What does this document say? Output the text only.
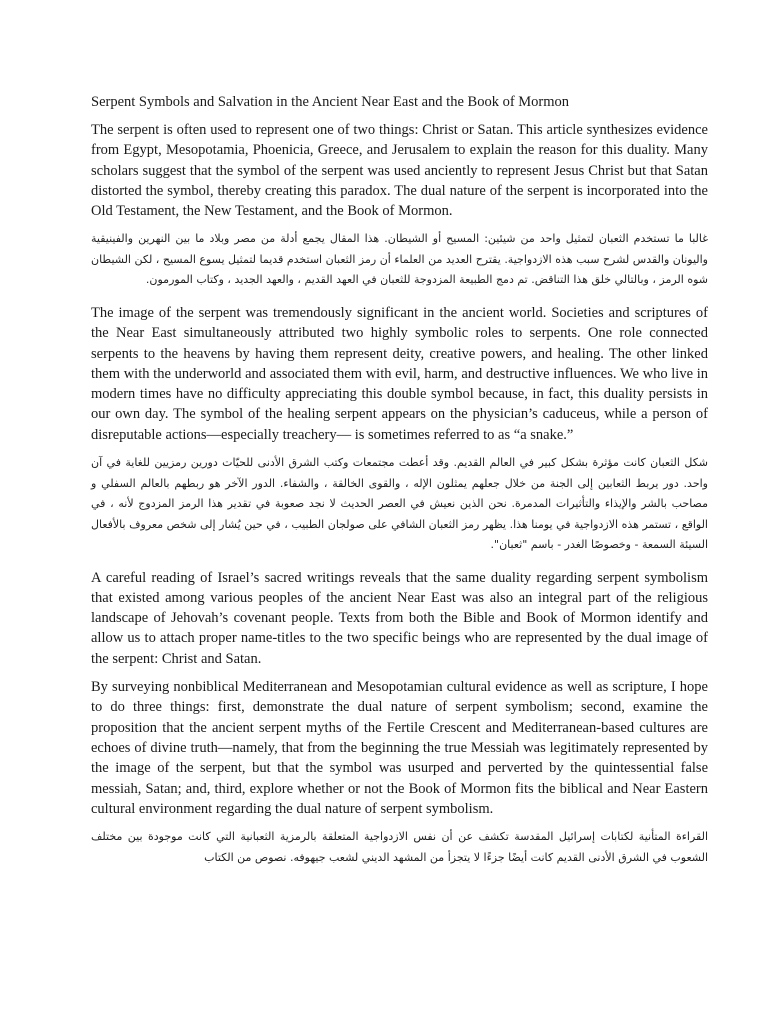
Serpent Symbols and Salvation in the Ancient Near East and the Book of Mormon

The serpent is often used to represent one of two things: Christ or Satan. This article synthesizes evidence from Egypt, Mesopotamia, Phoenicia, Greece, and Jerusalem to explain the reason for this duality. Many scholars suggest that the symbol of the serpent was used anciently to represent Jesus Christ but that Satan distorted the symbol, thereby creating this paradox. The dual nature of the serpent is incorporated into the Old Testament, the New Testament, and the Book of Mormon.

غالبا ما تستخدم الثعبان لتمثيل واحد من شيئين: المسيح أو الشيطان. هذا المقال يجمع أدلة من مصر وبلاد ما بين النهرين والفينيقية واليونان والقدس لشرح سبب هذه الازدواجية. يقترح العديد من العلماء أن رمز الثعبان استخدم قديما لتمثيل يسوع المسيح ، لكن الشيطان شوه الرمز ، وبالتالي خلق هذا التناقض. تم دمج الطبيعة المزدوجة للثعبان في العهد القديم ، والعهد الجديد ، وكتاب المورمون.

The image of the serpent was tremendously significant in the ancient world. Societies and scriptures of the Near East simultaneously attributed two highly symbolic roles to serpents. One role connected serpents to the heavens by having them represent deity, creative powers, and healing. The other linked them with the underworld and associated them with evil, harm, and destructive influences. We who live in modern times have no difficulty appreciating this double symbol because, in fact, this duality persists in our own day. The symbol of the healing serpent appears on the physician’s caduceus, while a person of disreputable actions—especially treachery— is sometimes referred to as “a snake.”

شكل الثعبان كانت مؤثرة بشكل كبير في العالم القديم. وقد أعطت مجتمعات وكتب الشرق الأدنى للحيّات دورين رمزيين للغاية في آن واحد. دور يربط الثعابين إلى الجنة من خلال جعلهم يمثلون الإله ، والقوى الخالقة ، والشفاء. الدور الآخر هو ربطهم بالعالم السفلي و مصاحب بالشر والإيذاء والتأثيرات المدمرة. نحن الذين نعيش في العصر الحديث لا نجد صعوبة في تقدير هذا الرمز المزدوج لأنه ، في الواقع ، تستمر هذه الازدواجية في يومنا هذا. يظهر رمز الثعبان الشافي على صولجان الطبيب ، في حين يُشار إلى شخص معروف بالأفعال السيئة السمعة - وخصوصًا الغدر - باسم "ثعبان".

A careful reading of Israel’s sacred writings reveals that the same duality regarding serpent symbolism that existed among various peoples of the ancient Near East was also an integral part of the religious landscape of Jehovah’s covenant people. Texts from both the Bible and Book of Mormon identify and allow us to attach proper name-titles to the two specific beings who are represented by the dual image of the serpent: Christ and Satan.

By surveying nonbiblical Mediterranean and Mesopotamian cultural evidence as well as scripture, I hope to do three things: first, demonstrate the dual nature of serpent symbolism; second, examine the proposition that the ancient serpent myths of the Fertile Crescent and Mediterranean-based cultures are echoes of divine truth—namely, that from the beginning the true Messiah was legitimately represented by the image of the serpent, but that the symbol was usurped and perverted by the quintessential false messiah, Satan; and, third, explore whether or not the Book of Mormon fits the biblical and Near Eastern cultural environment regarding the dual nature of serpent symbolism.

القراءة المتأنية لكتابات إسرائيل المقدسة تكشف عن أن نفس الازدواجية المتعلقة بالرمزية الثعبانية التي كانت موجودة بين مختلف الشعوب في الشرق الأدنى القديم كانت أيضًا جزءًا لا يتجزأ من المشهد الديني لشعب جيهوفه. نصوص من الكتاب
